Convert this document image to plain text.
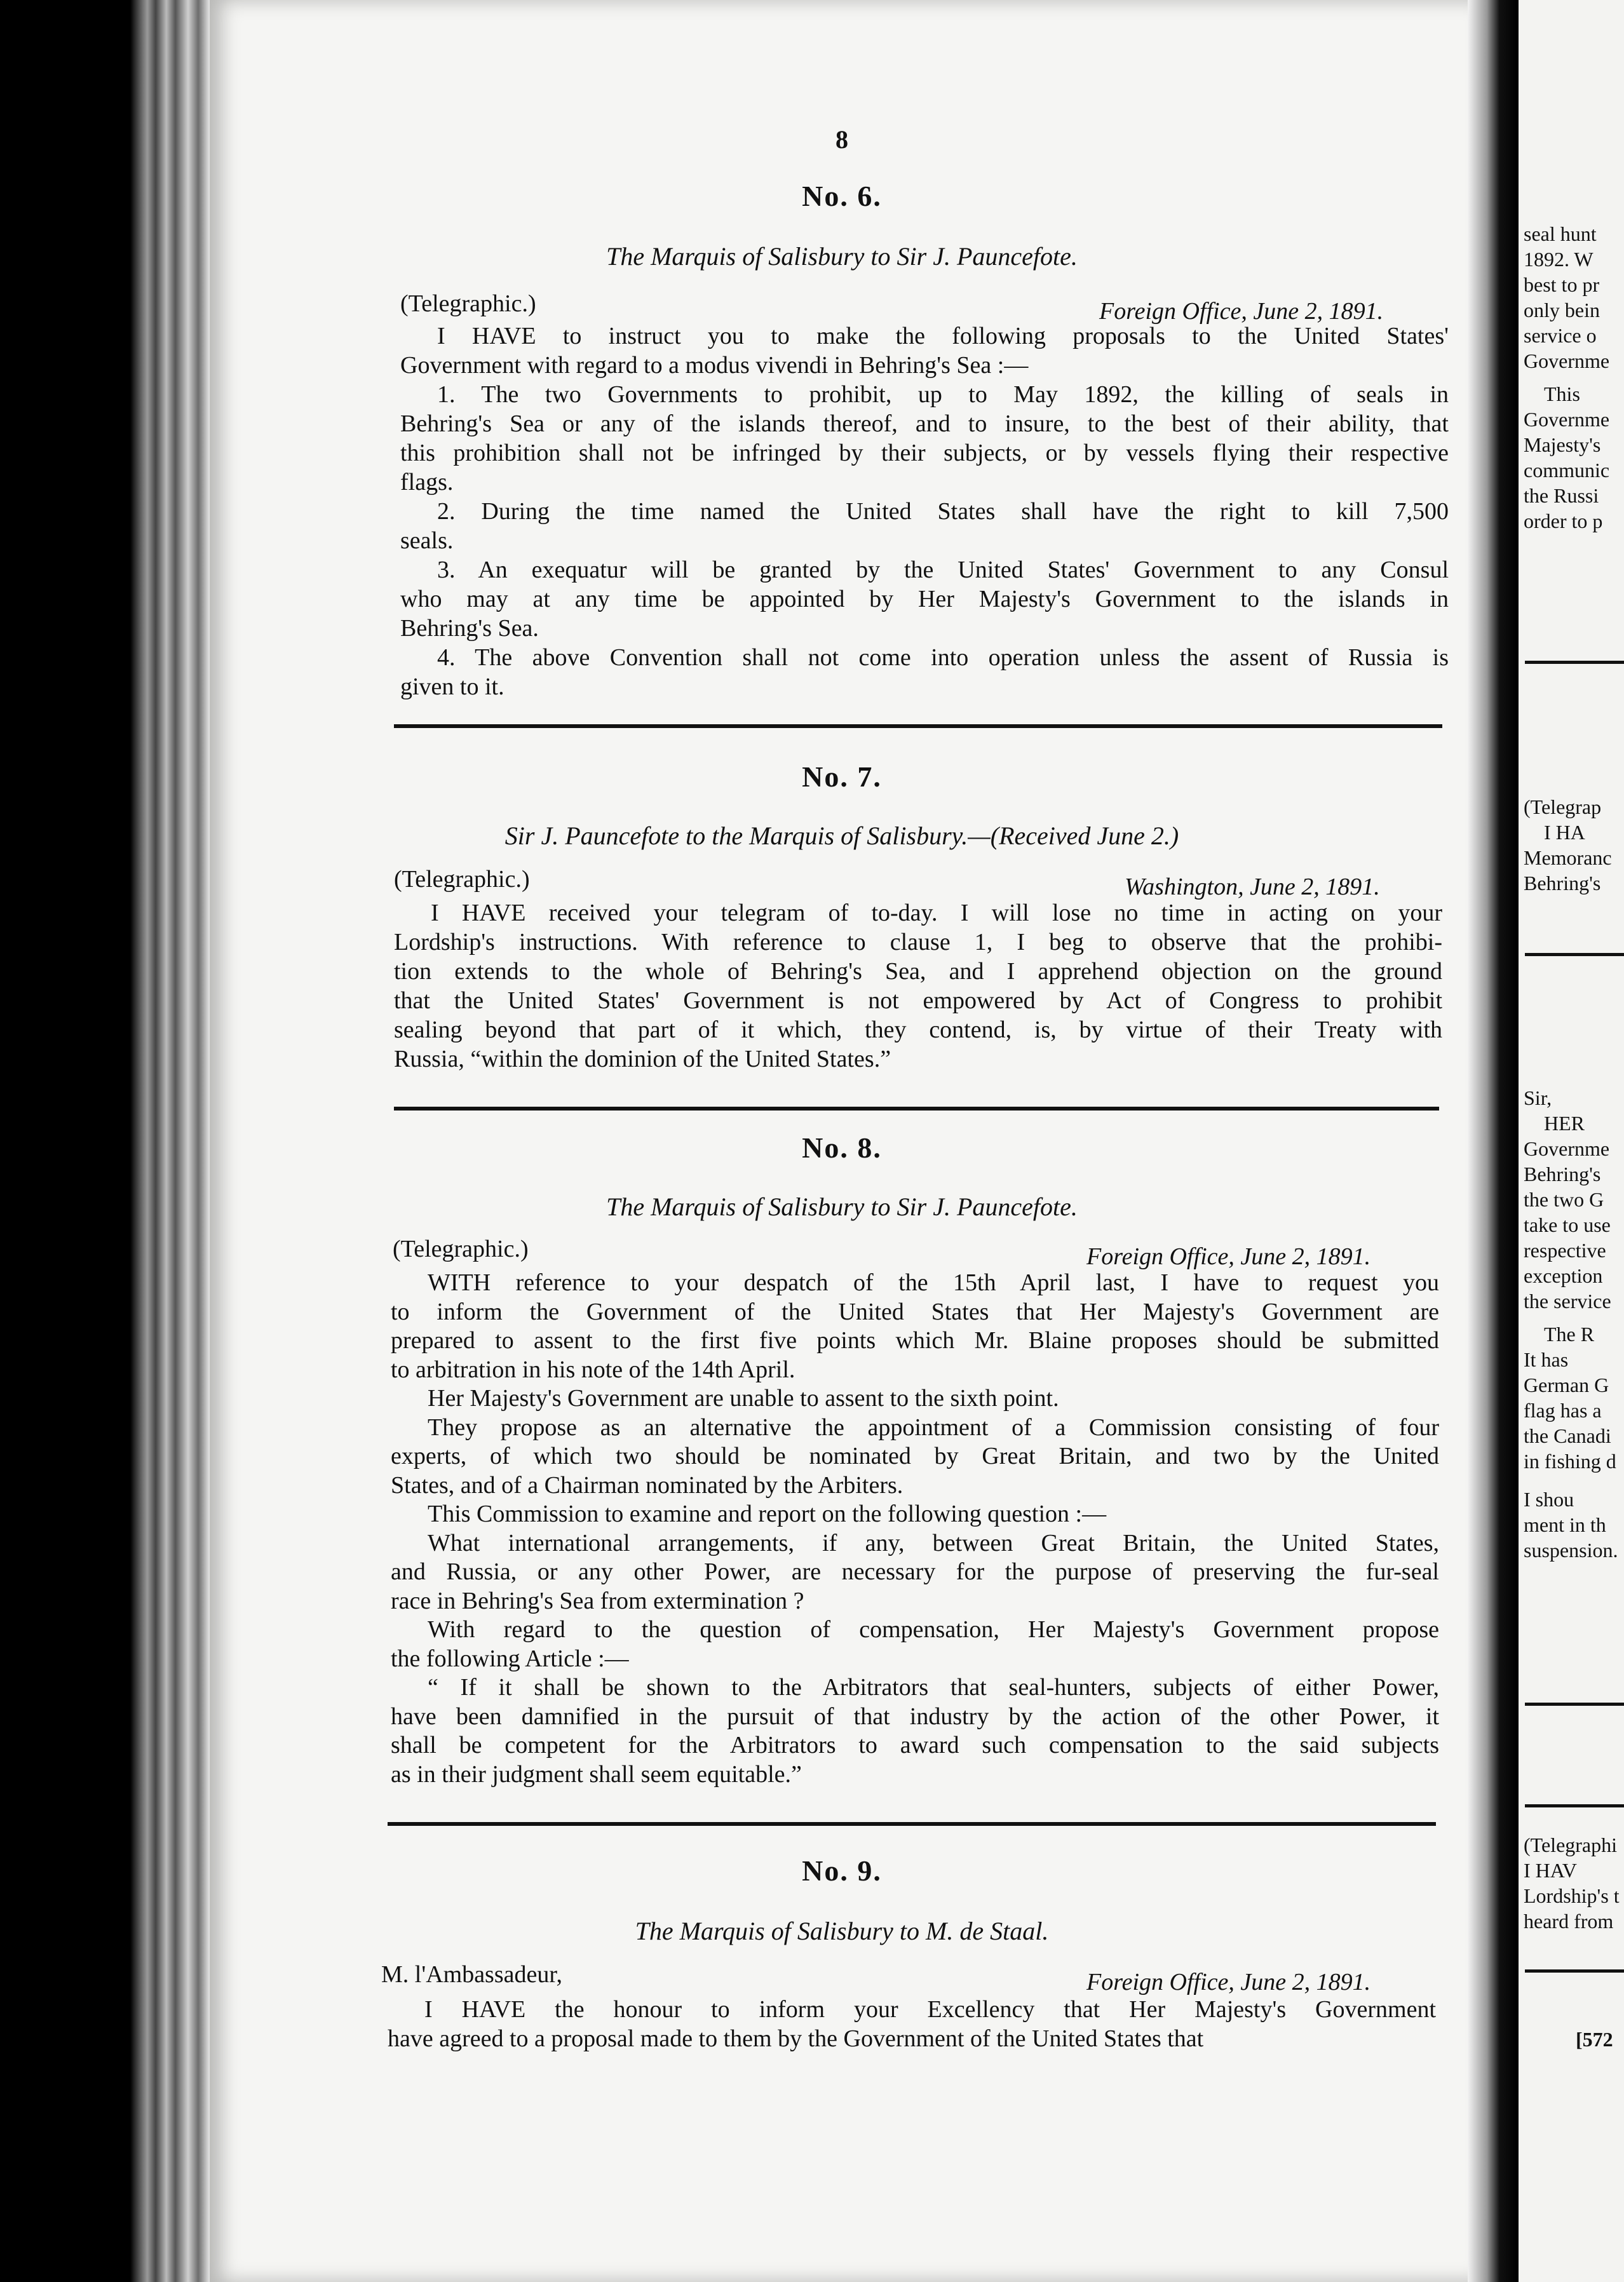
8
No. 6.
The Marquis of Salisbury to Sir J. Pauncefote.
(Telegraphic.)	Foreign Office, June 2, 1891.
No. 7.
Sir J. Pauncefote to the Marquis of Salisbury.—(Received June 2.)
(Telegraphic.)	Washington, June 2, 1891.
No. 8.
The Marquis of Salisbury to Sir J. Pauncefote.
(Telegraphic.)	Foreign Office, June 2, 1891.
No. 9.
The Marquis of Salisbury to M. de Staal.
M. l'Ambassadeur,	Foreign Office, June 2, 1891.
I HAVE to instruct you to make the following proposals to the United States'
Government with regard to a modus vivendi in Behring's Sea :—
1. The two Governments to prohibit, up to May 1892, the killing of seals in
Behring's Sea or any of the islands thereof, and to insure, to the best of their ability, that
this prohibition shall not be infringed by their subjects, or by vessels flying their respective
flags.
2. During the time named the United States shall have the right to kill 7,500
seals.
3. An exequatur will be granted by the United States' Government to any Consul
who may at any time be appointed by Her Majesty's Government to the islands in
Behring's Sea.
4. The above Convention shall not come into operation unless the assent of Russia is
given to it.
I HAVE received your telegram of to-day. I will lose no time in acting on your
Lordship's instructions. With reference to clause 1, I beg to observe that the prohibi-
tion extends to the whole of Behring's Sea, and I apprehend objection on the ground
that the United States' Government is not empowered by Act of Congress to prohibit
sealing beyond that part of it which, they contend, is, by virtue of their Treaty with
Russia, “within the dominion of the United States.”
WITH reference to your despatch of the 15th April last, I have to request you
to inform the Government of the United States that Her Majesty's Government are
prepared to assent to the first five points which Mr. Blaine proposes should be submitted
to arbitration in his note of the 14th April.
Her Majesty's Government are unable to assent to the sixth point.
They propose as an alternative the appointment of a Commission consisting of four
experts, of which two should be nominated by Great Britain, and two by the United
States, and of a Chairman nominated by the Arbiters.
This Commission to examine and report on the following question :—
What international arrangements, if any, between Great Britain, the United States,
and Russia, or any other Power, are necessary for the purpose of preserving the fur-seal
race in Behring's Sea from extermination ?
With regard to the question of compensation, Her Majesty's Government propose
the following Article :—
“ If it shall be shown to the Arbitrators that seal-hunters, subjects of either Power,
have been damnified in the pursuit of that industry by the action of the other Power, it
shall be competent for the Arbitrators to award such compensation to the said subjects
as in their judgment shall seem equitable.”
I HAVE the honour to inform your Excellency that Her Majesty's Government
have agreed to a proposal made to them by the Government of the United States that
seal hunt
1892. W
best to pr
only bein
service o
Governme
This
Governme
Majesty's
communic
the Russi
order to p
(Telegrap
I HA
Memoranc
Behring's
Sir,
HER
Governme
Behring's
the two G
take to use
respective
exception
the service
The R
It has
German G
flag has a
the Canadi
in fishing d
I shou
ment in th
suspension.
(Telegraphi
I HAV
Lordship's t
heard from
[572
